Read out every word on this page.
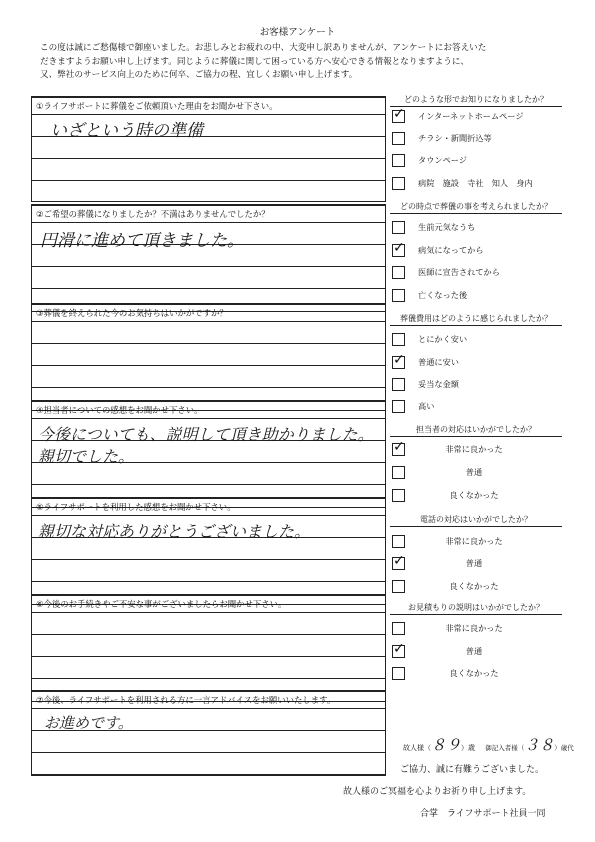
お客様アンケート
この度は誠にご愁傷様で御座いました。お悲しみとお疲れの中、大変申し訳ありませんが、アンケートにお答えいた
だきますようお願い申し上げます。同じように葬儀に関して困っている方へ安心できる情報となりますように、
又、弊社のサービス向上のために何卒、ご協力の程、宜しくお願い申し上げます。
①ライフサポートに葬儀をご依頼頂いた理由をお聞かせ下さい。
いざという時の準備
②ご希望の葬儀になりましたか？不満はありませんでしたか？
円滑に進めて頂きました。
③葬儀を終えられた今のお気持ちはいかがですか？
④担当者についての感想をお聞かせ下さい。
今後についても、説明して頂き助かりました。
親切でした。
⑤ライフサポートを利用した感想をお聞かせ下さい。
親切な対応ありがとうございました。
⑥今後のお手続きやご不安な事がございましたらお聞かせ下さい。
⑦今後、ライフサポートを利用される方に一言アドバイスをお願いいたします。
お進めです。
どのような形でお知りになりましたか？
✓ インターネットホームページ
チラシ・新聞折込等
タウンページ
病院　施設　寺社　知人　身内
どの時点で葬儀の事を考えられましたか？
生前元気なうち
✓ 病気になってから
医師に宣告されてから
亡くなった後
葬儀費用はどのように感じられましたか？
とにかく安い
✓ 普通に安い
妥当な金額
高い
担当者の対応はいかがでしたか？
✓	非常に良かった
普通
良くなかった
電話の対応はいかがでしたか？
非常に良かった
✓	普通
良くなかった
お見積もりの説明はいかがでしたか？
非常に良かった
✓	普通
良くなかった
故人様（８９）歳 御記入者様（３８）歳代
ご協力、誠に有難うございました。
故人様のご冥福を心よりお祈り申し上げます。
合掌　ライフサポート社員一同
